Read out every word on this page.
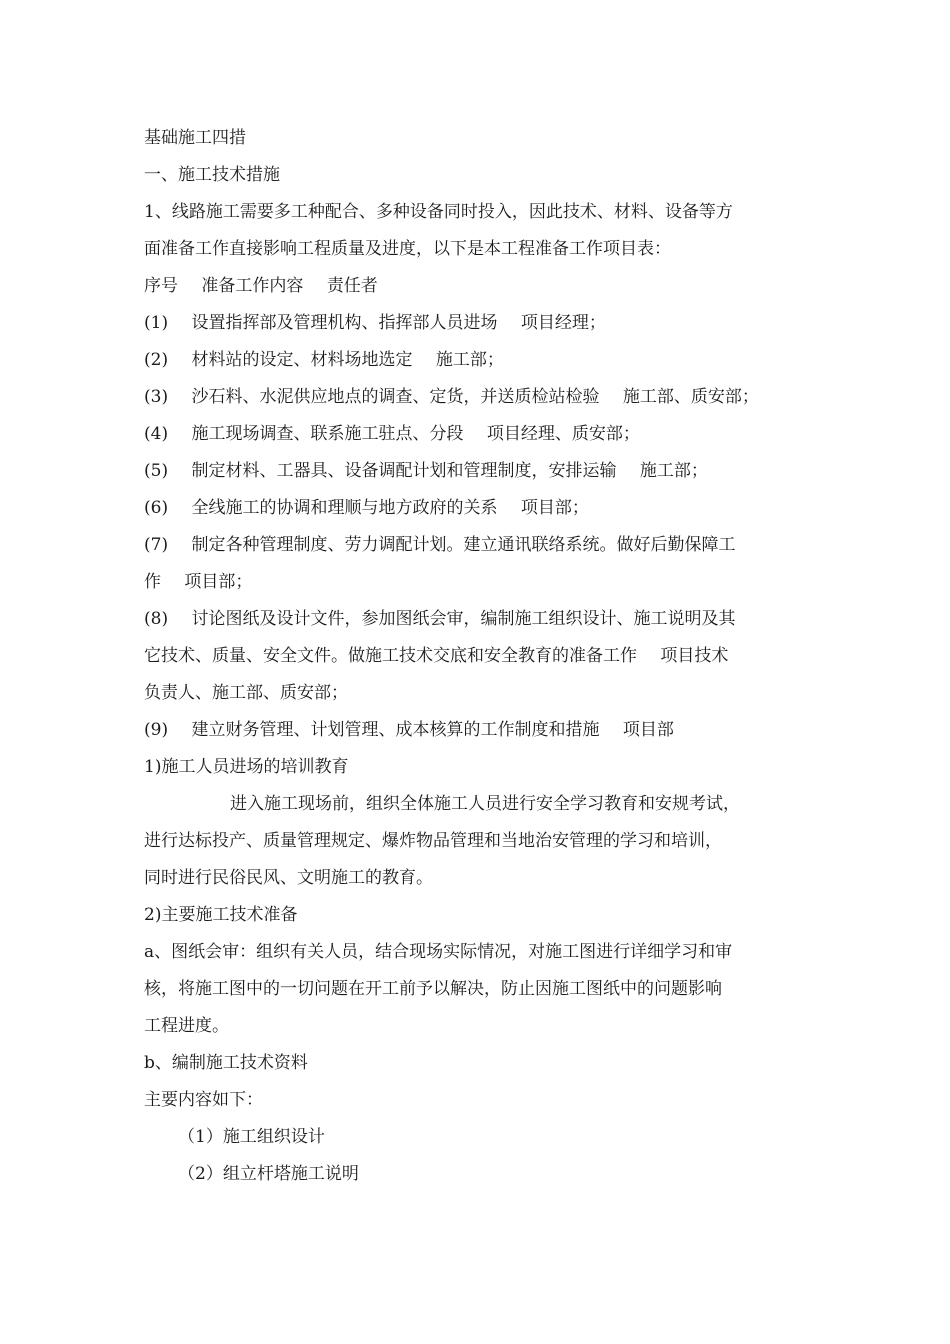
基础施工四措
一、施工技术措施
1、线路施工需要多工种配合、多种设备同时投入，因此技术、材料、设备等方
面准备工作直接影响工程质量及进度，以下是本工程准备工作项目表：
序号 准备工作内容 责任者
(1) 设置指挥部及管理机构、指挥部人员进场 项目经理；
(2) 材料站的设定、材料场地选定 施工部；
(3) 沙石料、水泥供应地点的调查、定货，并送质检站检验 施工部、质安部；
(4) 施工现场调查、联系施工驻点、分段 项目经理、质安部；
(5) 制定材料、工器具、设备调配计划和管理制度，安排运输 施工部；
(6) 全线施工的协调和理顺与地方政府的关系 项目部；
(7) 制定各种管理制度、劳力调配计划。建立通讯联络系统。做好后勤保障工
作 项目部；
(8) 讨论图纸及设计文件，参加图纸会审，编制施工组织设计、施工说明及其
它技术、质量、安全文件。做施工技术交底和安全教育的准备工作 项目技术
负责人、施工部、质安部；
(9) 建立财务管理、计划管理、成本核算的工作制度和措施 项目部
1)施工人员进场的培训教育
进入施工现场前，组织全体施工人员进行安全学习教育和安规考试，
进行达标投产、质量管理规定、爆炸物品管理和当地治安管理的学习和培训，
同时进行民俗民风、文明施工的教育。
2)主要施工技术准备
a、图纸会审：组织有关人员，结合现场实际情况，对施工图进行详细学习和审
核，将施工图中的一切问题在开工前予以解决，防止因施工图纸中的问题影响
工程进度。
b、编制施工技术资料
主要内容如下：
（1）施工组织设计
（2）组立杆塔施工说明
